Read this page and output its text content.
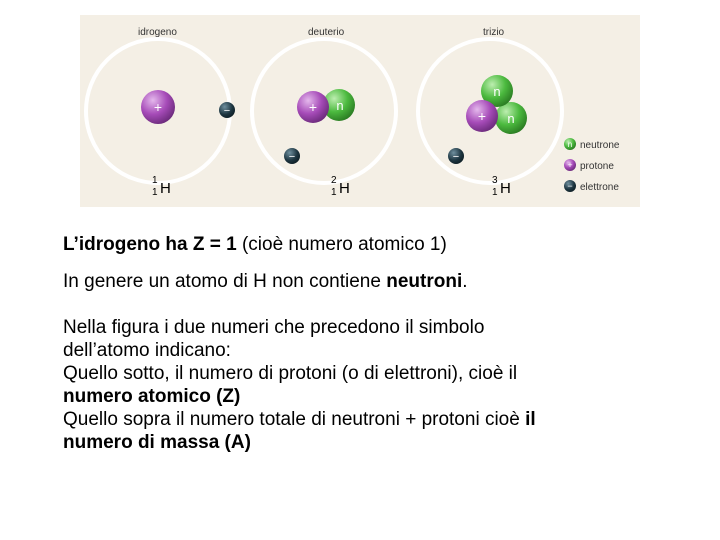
idrogeno
+	−
1
1 H
deuterio
n
+
−
2
1 H
trizio
n
n
+
−
3
1 H
n neutrone
+ protone
− elettrone
L’idrogeno ha Z = 1 (cioè numero atomico 1)
In genere un atomo di H non contiene neutroni.
Nella figura i due numeri che precedono il simbolo
dell’atomo indicano:
Quello sotto, il numero di protoni (o di elettroni), cioè il
numero atomico (Z)
Quello sopra il numero totale di neutroni + protoni cioè il
numero di massa (A)
